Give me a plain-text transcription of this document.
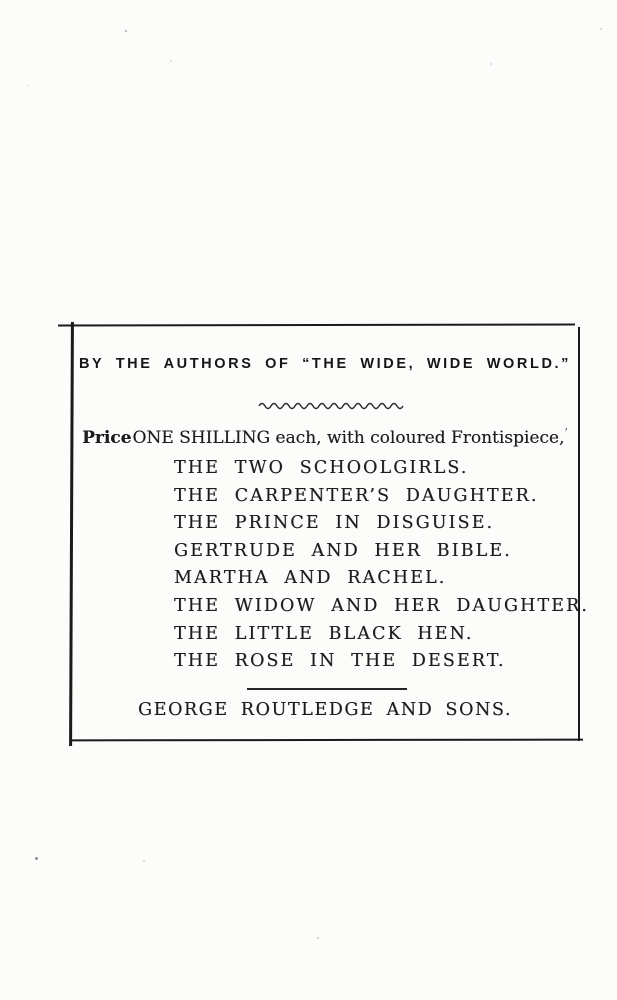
BY THE AUTHORS OF “THE WIDE, WIDE WORLD.”
PriceONE SHILLING each, with coloured Frontispiece,’
THE TWO SCHOOLGIRLS.
THE CARPENTER’S DAUGHTER.
THE PRINCE IN DISGUISE.
GERTRUDE AND HER BIBLE.
MARTHA AND RACHEL.
THE WIDOW AND HER DAUGHTER.
THE LITTLE BLACK HEN.
THE ROSE IN THE DESERT.
GEORGE ROUTLEDGE AND SONS.
